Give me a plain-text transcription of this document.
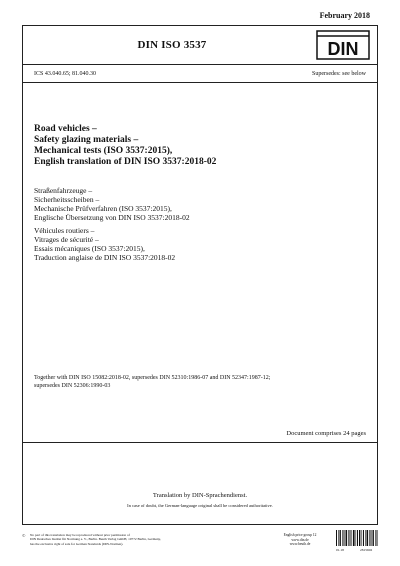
February 2018
DIN ISO 3537	DIN
ICS 43.040.65; 81.040.30	Supersedes: see below
Road vehicles –
Safety glazing materials –
Mechanical tests (ISO 3537:2015),
English translation of DIN ISO 3537:2018-02
Straßenfahrzeuge –
Sicherheitsscheiben –
Mechanische Prüfverfahren (ISO 3537:2015),
Englische Übersetzung von DIN ISO 3537:2018-02
Véhicules routiers –
Vitrages de sécurité –
Essais mécaniques (ISO 3537:2015),
Traduction anglaise de DIN ISO 3537:2018-02
Together with DIN ISO 15082:2018-02, supersedes DIN 52310:1986-07 and DIN 52347:1987-12;
supersedes DIN 52306:1990-03
Document comprises 24 pages
Translation by DIN-Sprachendienst.
In case of doubt, the German-language original shall be considered authoritative.
© No part of this translation may be reproduced without prior permission of
DIN Deutsches Institut für Normung e. V., Berlin. Beuth Verlag GmbH, 10772 Berlin, Germany,
has the exclusive right of sale for German Standards (DIN-Normen).
English price group 12
www.din.de
www.beuth.de
01.18	2815602
